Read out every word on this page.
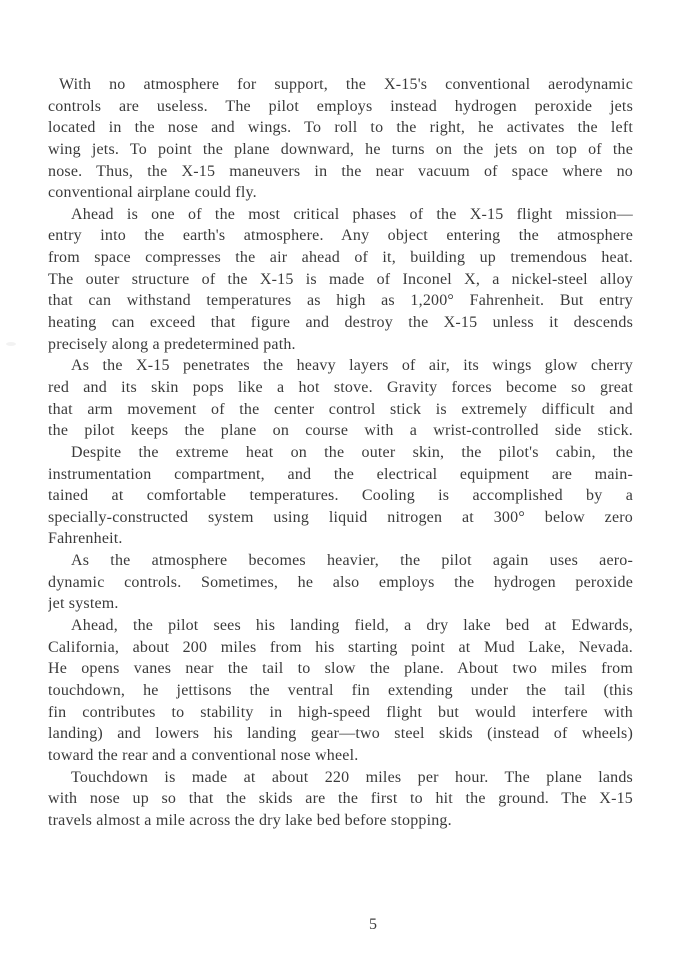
With no atmosphere for support, the X-15's conventional aerodynamic
controls are useless. The pilot employs instead hydrogen peroxide jets
located in the nose and wings. To roll to the right, he activates the left
wing jets. To point the plane downward, he turns on the jets on top of the
nose. Thus, the X-15 maneuvers in the near vacuum of space where no
conventional airplane could fly.
Ahead is one of the most critical phases of the X-15 flight mission—
entry into the earth's atmosphere. Any object entering the atmosphere
from space compresses the air ahead of it, building up tremendous heat.
The outer structure of the X-15 is made of Inconel X, a nickel-steel alloy
that can withstand temperatures as high as 1,200° Fahrenheit. But entry
heating can exceed that figure and destroy the X-15 unless it descends
precisely along a predetermined path.
As the X-15 penetrates the heavy layers of air, its wings glow cherry
red and its skin pops like a hot stove. Gravity forces become so great
that arm movement of the center control stick is extremely difficult and
the pilot keeps the plane on course with a wrist-controlled side stick.
Despite the extreme heat on the outer skin, the pilot's cabin, the
instrumentation compartment, and the electrical equipment are main-
tained at comfortable temperatures. Cooling is accomplished by a
specially-constructed system using liquid nitrogen at 300° below zero
Fahrenheit.
As the atmosphere becomes heavier, the pilot again uses aero-
dynamic controls. Sometimes, he also employs the hydrogen peroxide
jet system.
Ahead, the pilot sees his landing field, a dry lake bed at Edwards,
California, about 200 miles from his starting point at Mud Lake, Nevada.
He opens vanes near the tail to slow the plane. About two miles from
touchdown, he jettisons the ventral fin extending under the tail (this
fin contributes to stability in high-speed flight but would interfere with
landing) and lowers his landing gear—two steel skids (instead of wheels)
toward the rear and a conventional nose wheel.
Touchdown is made at about 220 miles per hour. The plane lands
with nose up so that the skids are the first to hit the ground. The X-15
travels almost a mile across the dry lake bed before stopping.
5
